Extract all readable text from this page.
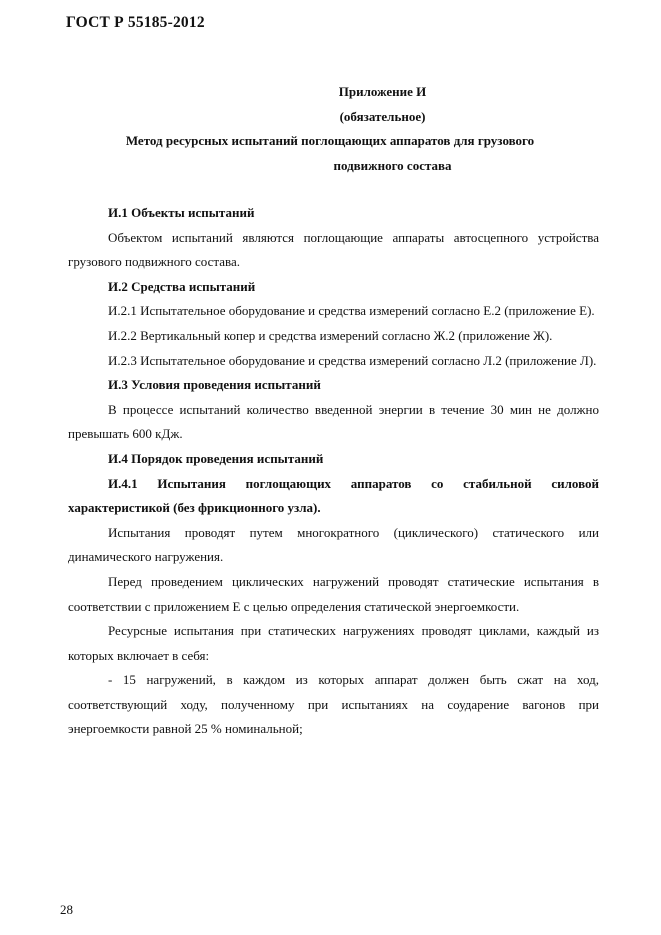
ГОСТ Р 55185-2012
Приложение И
(обязательное)
Метод ресурсных испытаний поглощающих аппаратов для грузового
подвижного состава

И.1 Объекты испытаний

Объектом испытаний являются поглощающие аппараты автосцепного устройства грузового подвижного состава.

И.2 Средства испытаний

И.2.1 Испытательное оборудование и средства измерений согласно Е.2 (приложение Е).

И.2.2 Вертикальный копер и средства измерений согласно Ж.2 (приложение Ж).

И.2.3 Испытательное оборудование и средства измерений согласно Л.2 (приложение Л).

И.3 Условия проведения испытаний

В процессе испытаний количество введенной энергии в течение 30 мин не должно превышать 600 кДж.

И.4 Порядок проведения испытаний

И.4.1 Испытания поглощающих аппаратов со стабильной силовой характеристикой (без фрикционного узла).

Испытания проводят путем многократного (циклического) статического или динамического нагружения.

Перед проведением циклических нагружений проводят статические испытания в соответствии с приложением Е с целью определения статической энергоемкости.

Ресурсные испытания при статических нагружениях проводят циклами, каждый из которых включает в себя:

- 15 нагружений, в каждом из которых аппарат должен быть сжат на ход, соответствующий ходу, полученному при испытаниях на соударение вагонов при энергоемкости равной 25 % номинальной;

28
